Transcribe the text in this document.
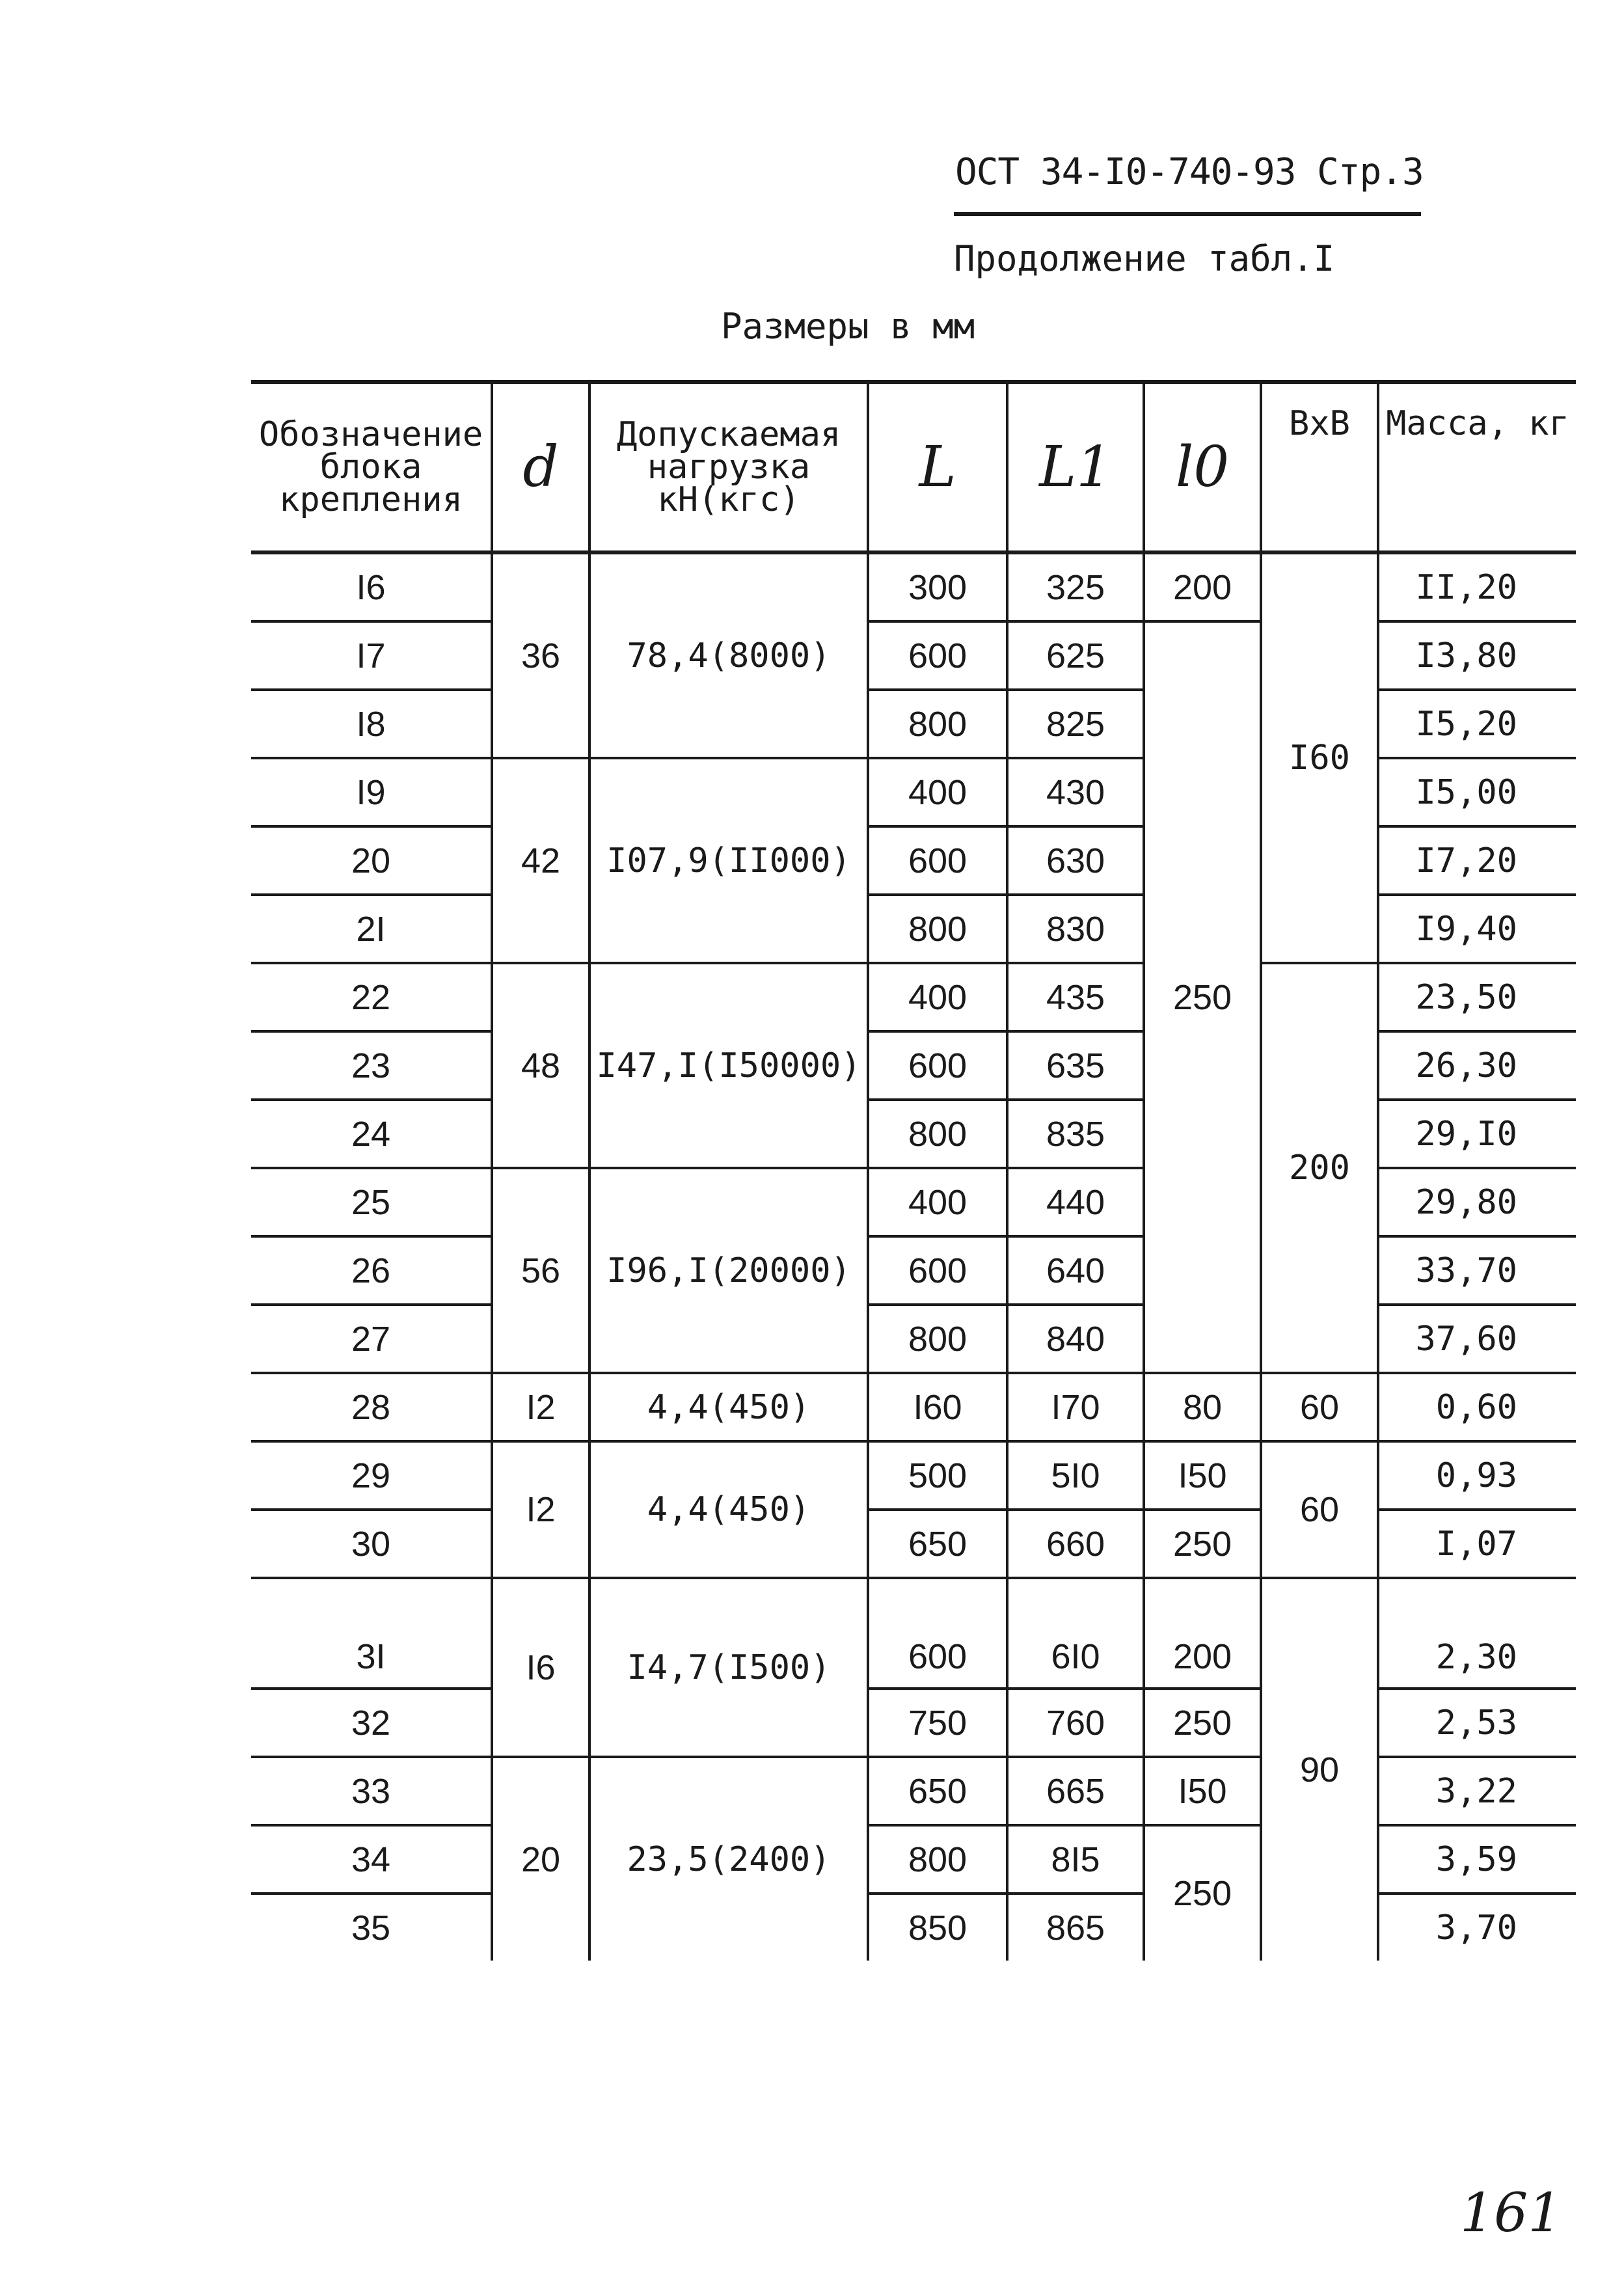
ОСТ 34-I0-740-93 Стр.3
Продолжение табл.I
Размеры в мм
Обозначение блока крепления	d	Допускаемая нагрузка кН(кгс)	L	L1	l0	ВхВ	Масса, кг
I6	36	78,4(8000)	300	325	200	I60	II,20
I7			600	625	250		I3,80
I8			800	825			I5,20
I9	42	I07,9(II000)	400	430			I5,00
20			600	630			I7,20
2I			800	830			I9,40
22	48	I47,I(I50000)	400	435		200	23,50
23			600	635			26,30
24			800	835			29,I0
25	56	I96,I(20000)	400	440			29,80
26			600	640			33,70
27			800	840			37,60
28	I2	4,4(450)	I60	I70	80	60	0,60
29	I2	4,4(450)	500	5I0	I50	60	0,93
30			650	660	250		I,07
3I	I6	I4,7(I500)	600	6I0	200	90	2,30
32			750	760	250		2,53
33	20	23,5(2400)	650	665	I50		3,22
34			800	8I5	250		3,59
35			850	865			3,70
161
